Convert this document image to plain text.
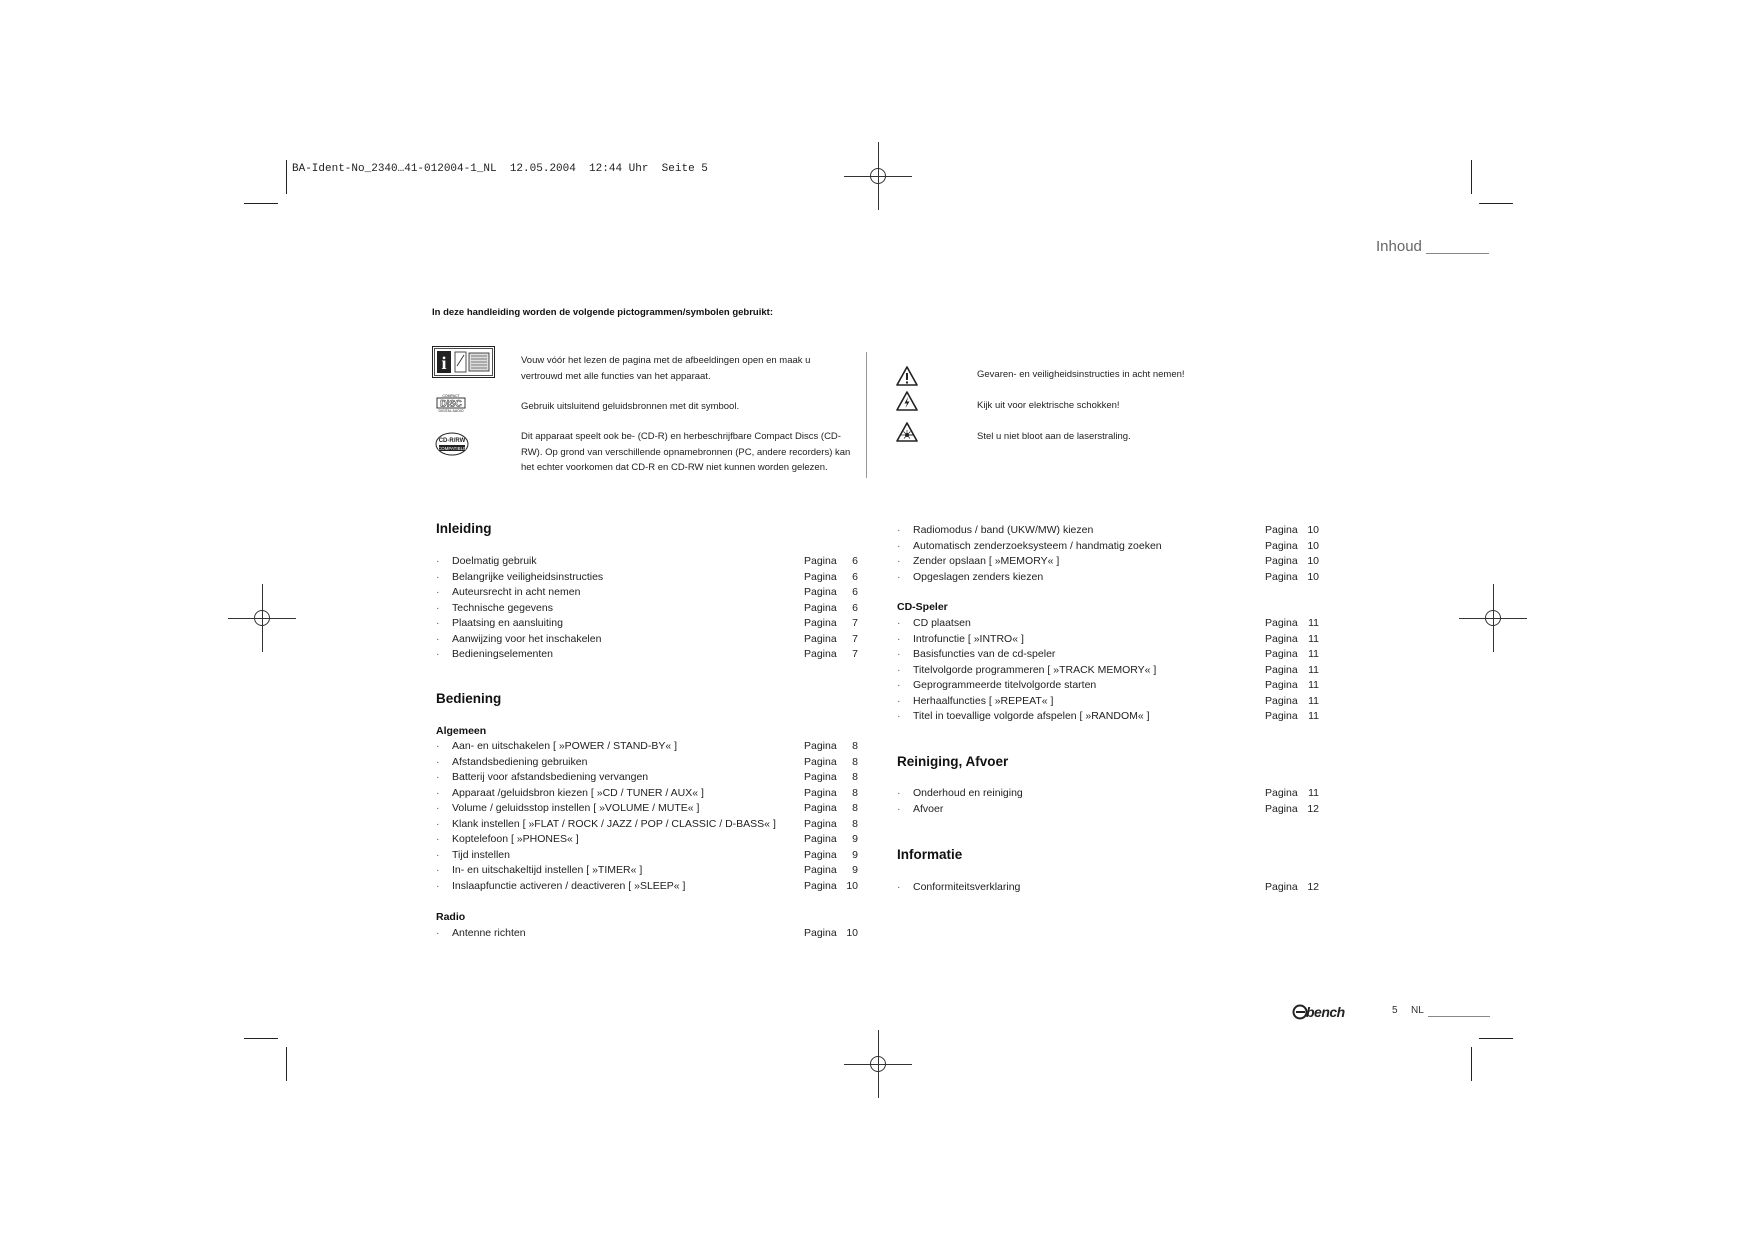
BA-Ident-No_2340…41-012004-1_NL  12.05.2004  12:44 Uhr  Seite 5
Inhoud
In deze handleiding worden de volgende pictogrammen/symbolen gebruikt:
i	Vouw vóór het lezen de pagina met de afbeeldingen open en maak u vertrouwd met alle functies van het apparaat.
COMPACT
DISC
DIGITAL AUDIO	Gebruik uitsluitend geluidsbronnen met dit symbool.
CD-R/RW
COMPATIBLE
Dit apparaat speelt ook be- (CD-R) en herbeschrijfbare Compact Discs (CD-RW). Op grond van verschillende opnamebronnen (PC, andere recorders) kan het echter voorkomen dat CD-R en CD-RW niet kunnen worden gelezen.
Gevaren- en veiligheidsinstructies in acht nemen!
Kijk uit voor elektrische schokken!
Stel u niet bloot aan de laserstraling.
Inleiding
· Doelmatig gebruik	Pagina	6
· Belangrijke veiligheidsinstructies	Pagina	6
· Auteursrecht in acht nemen	Pagina	6
· Technische gegevens	Pagina	6
· Plaatsing en aansluiting	Pagina	7
· Aanwijzing voor het inschakelen	Pagina	7
· Bedieningselementen	Pagina	7
Bediening
Algemeen
· Aan- en uitschakelen [ »POWER / STAND-BY« ]	Pagina	8
· Afstandsbediening gebruiken	Pagina	8
· Batterij voor afstandsbediening vervangen	Pagina	8
· Apparaat /geluidsbron kiezen [ »CD / TUNER / AUX« ]	Pagina	8
· Volume / geluidsstop instellen [ »VOLUME / MUTE« ]	Pagina	8
· Klank instellen [ »FLAT / ROCK / JAZZ / POP / CLASSIC / D-BASS« ]	Pagina	8
· Koptelefoon [ »PHONES« ]	Pagina	9
· Tijd instellen	Pagina	9
· In- en uitschakeltijd instellen [ »TIMER« ]	Pagina	9
· Inslaapfunctie activeren / deactiveren [ »SLEEP« ]	Pagina 10
Radio
· Antenne richten	Pagina 10
· Radiomodus / band (UKW/MW) kiezen	Pagina 10
· Automatisch zenderzoeksysteem / handmatig zoeken	Pagina 10
· Zender opslaan [ »MEMORY« ]	Pagina 10
· Opgeslagen zenders kiezen	Pagina 10
CD-Speler
· CD plaatsen	Pagina 11
· Introfunctie [ »INTRO« ]	Pagina 11
· Basisfuncties van de cd-speler	Pagina 11
· Titelvolgorde programmeren [ »TRACK MEMORY« ]	Pagina 11
· Geprogrammeerde titelvolgorde starten	Pagina 11
· Herhaalfuncties [ »REPEAT« ]	Pagina 11
· Titel in toevallige volgorde afspelen [ »RANDOM« ]	Pagina 11
Reiniging, Afvoer
· Onderhoud en reiniging	Pagina 11
· Afvoer	Pagina 12
Informatie
· Conformiteitsverklaring	Pagina 12
bench	5 NL
